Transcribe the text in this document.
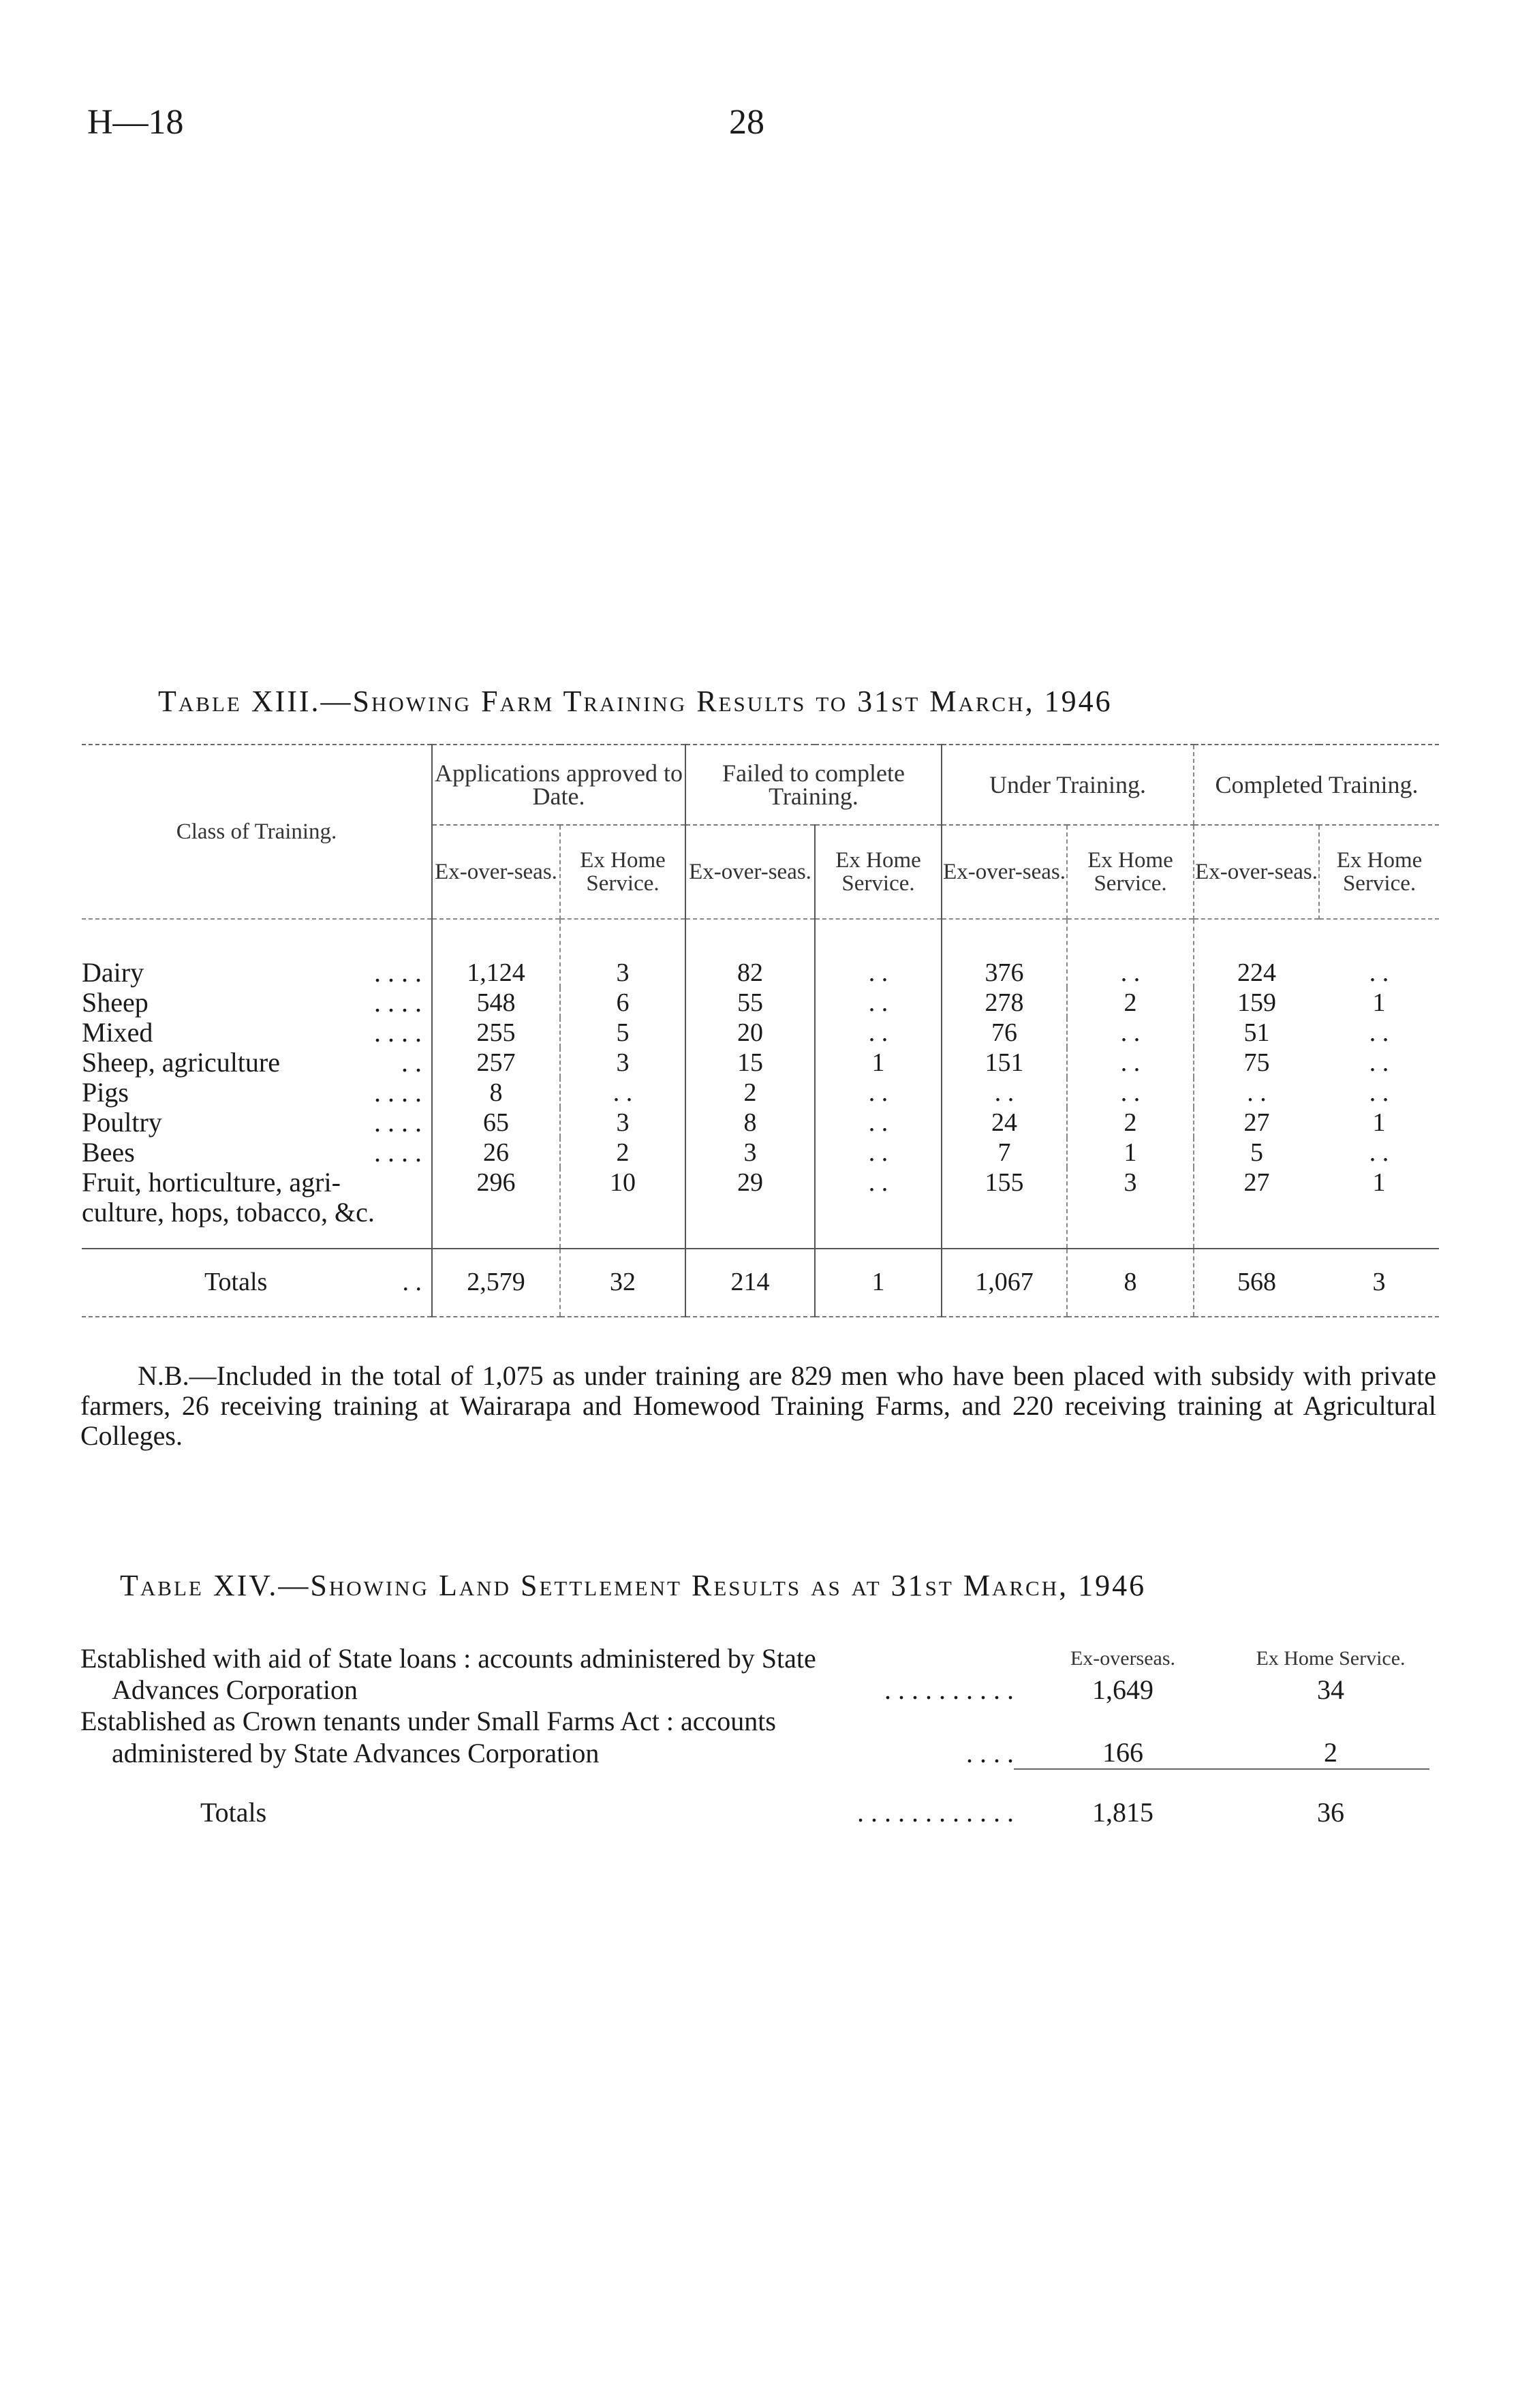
H—18	28
Table XIII.—Showing Farm Training Results to 31st March, 1946
Class of Training.	Applications approved to Date.		Failed to complete Training.		Under Training.		Completed Training.	
	Ex-over-seas.	Ex Home Service.	Ex-over-seas.	Ex Home Service.	Ex-over-seas.	Ex Home Service.	Ex-over-seas.	Ex Home Service.
Dairy . . . .	1,124	3	82	. .	376	. .	224	. .
Sheep . . . .	548	6	55	. .	278	2	159	1
Mixed . . . .	255	5	20	. .	76	. .	51	. .
Sheep, agriculture . .	257	3	15	1	151	. .	75	. .
Pigs . . . .	8	. .	2	. .	. .	. .	. .	. .
Poultry . . . .	65	3	8	. .	24	2	27	1
Bees . . . .	26	2	3	. .	7	1	5	. .
Fruit, horticulture, agri-culture, hops, tobacco, &c.	296	10	29	. .	155	3	27	1
Totals . .	2,579	32	214	1	1,067	8	568	3

N.B.—Included in the total of 1,075 as under training are 829 men who have been placed with subsidy with private farmers, 26 receiving training at Wairarapa and Homewood Training Farms, and 220 receiving training at Agricultural Colleges.

Table XIV.—Showing Land Settlement Results as at 31st March, 1946
Established with aid of State loans : accounts administered by State	Ex-overseas.	Ex Home Service.
Advances Corporation . . . . . . . . . .	1,649	34
Established as Crown tenants under Small Farms Act : accounts		
administered by State Advances Corporation . . . .	166	2
Totals . . . . . . . . . . . .	1,815	36
